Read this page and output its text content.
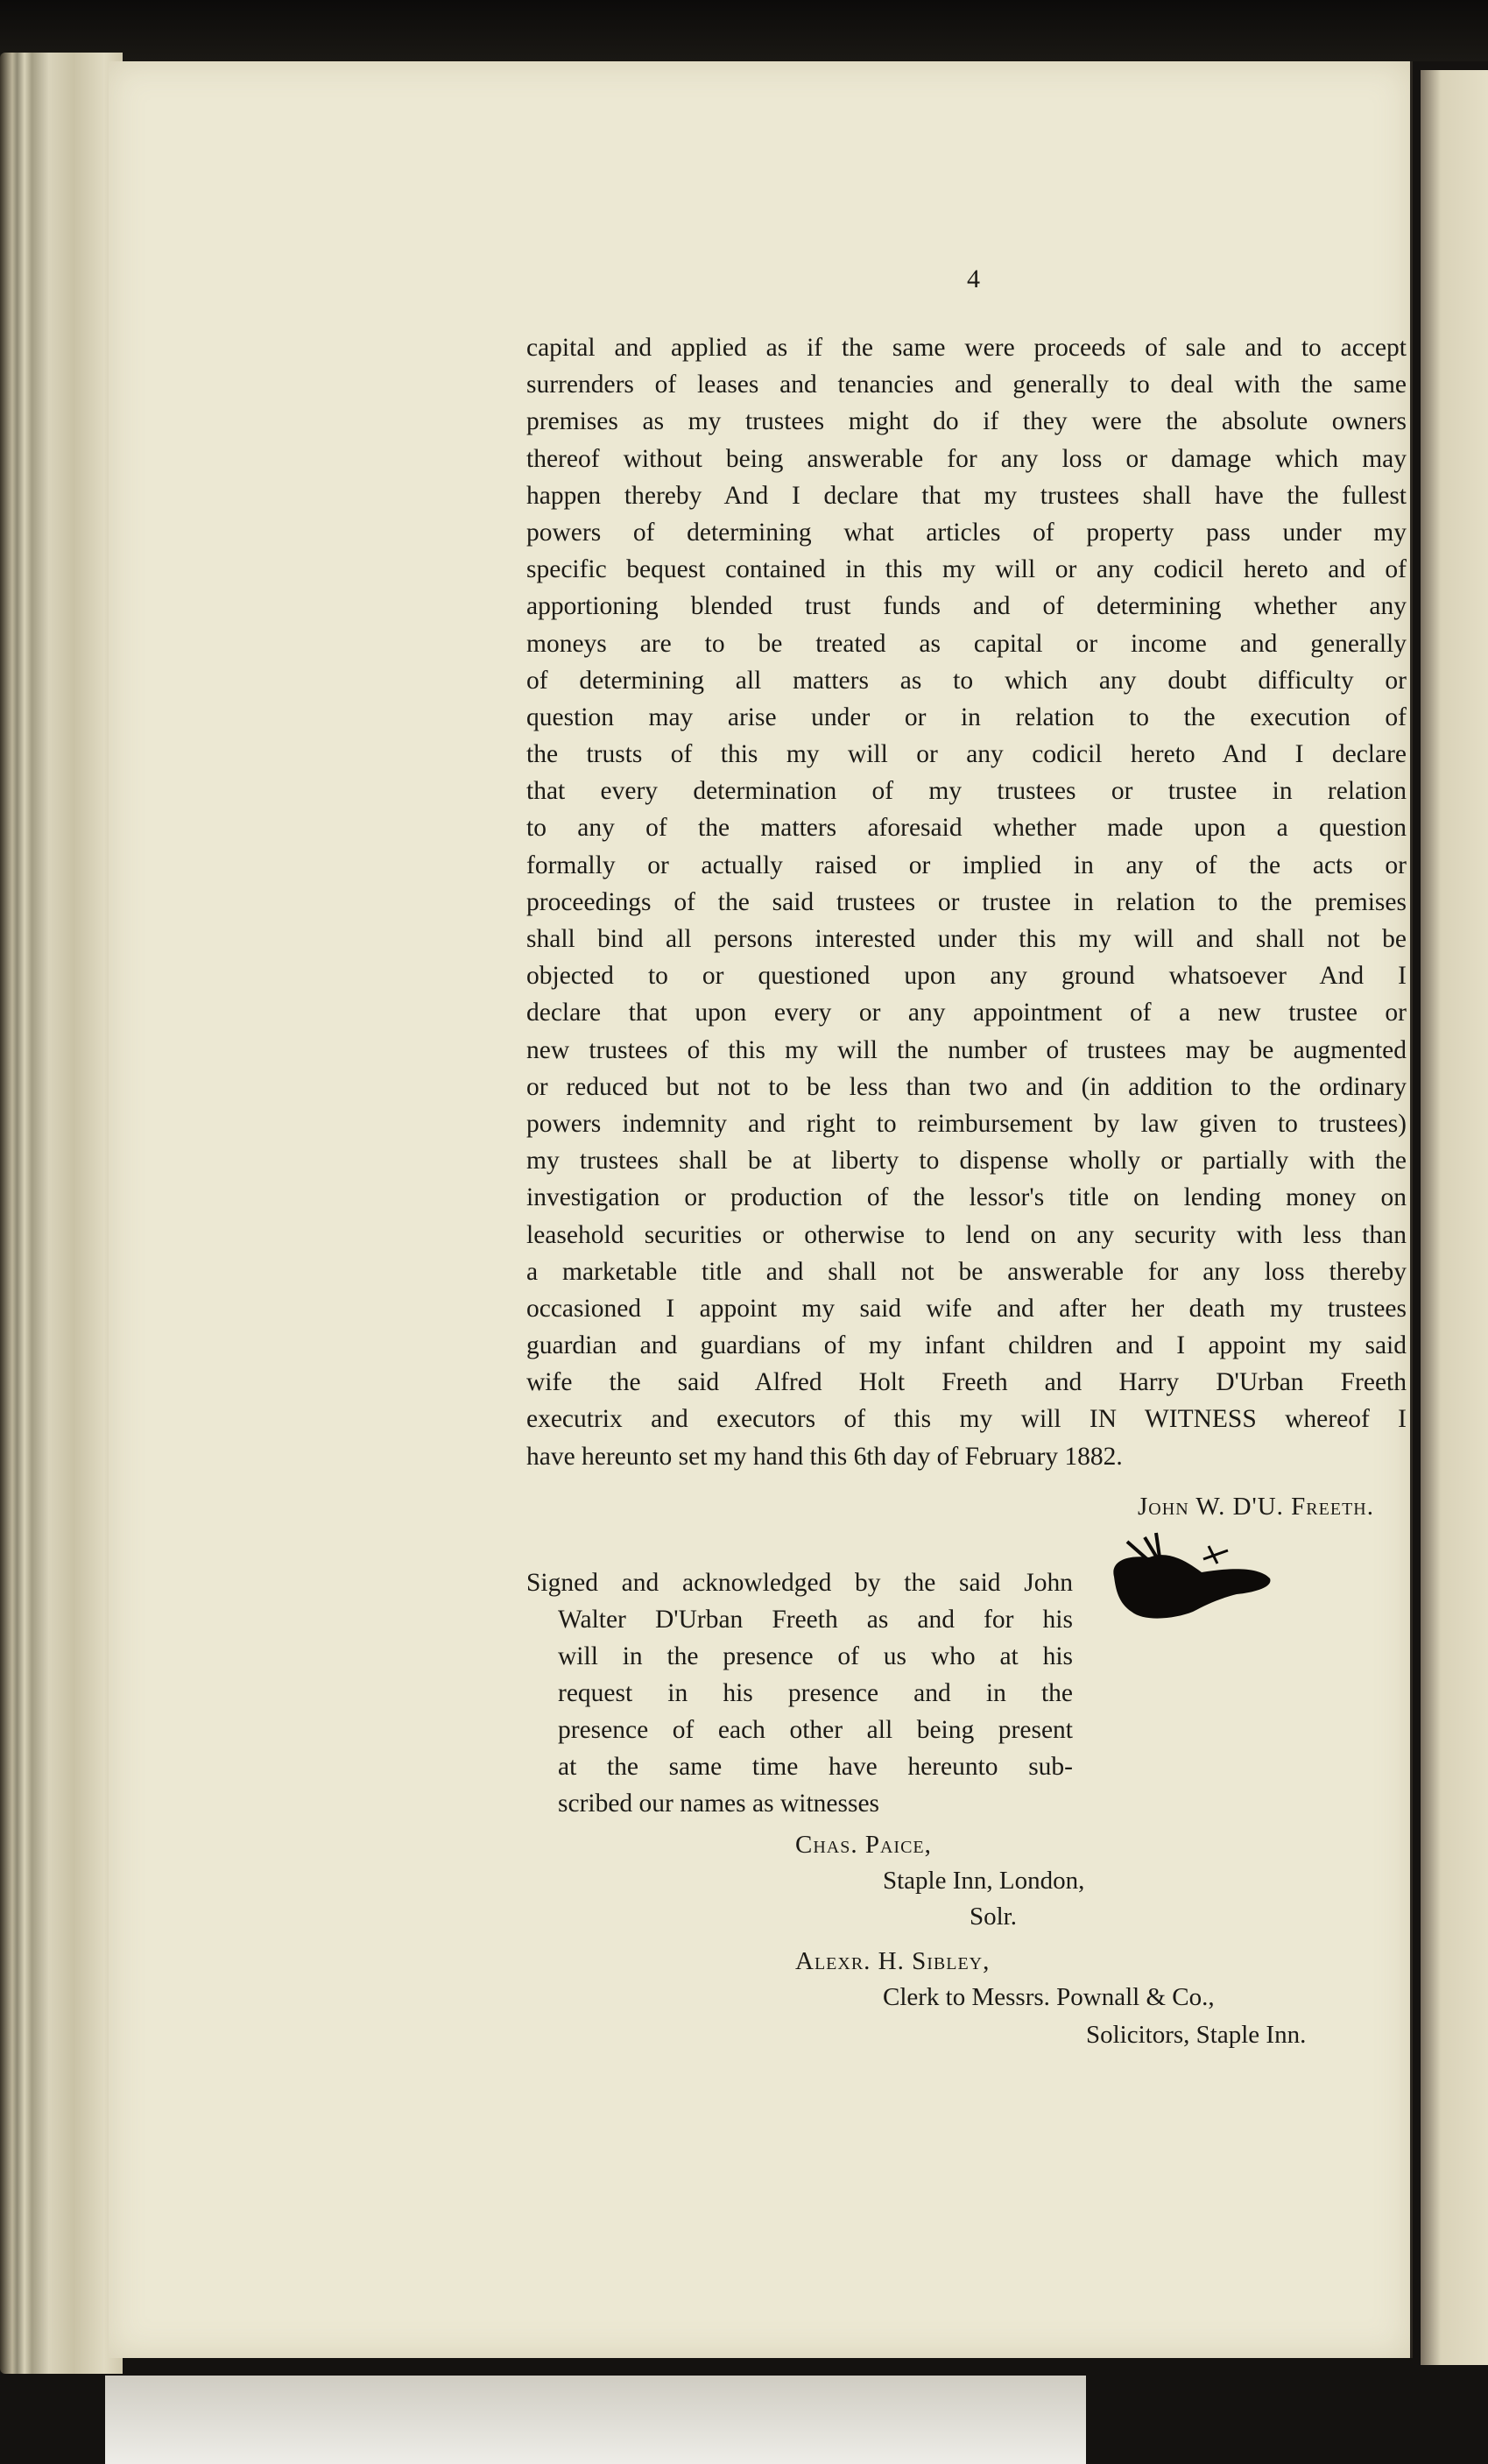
4
capital and applied as if the same were proceeds of sale and to accept
surrenders of leases and tenancies and generally to deal with the same
premises as my trustees might do if they were the absolute owners
thereof without being answerable for any loss or damage which may
happen thereby And I declare that my trustees shall have the fullest
powers of determining what articles of property pass under my
specific bequest contained in this my will or any codicil hereto and of
apportioning blended trust funds and of determining whether any
moneys are to be treated as capital or income and generally
of determining all matters as to which any doubt difficulty or
question may arise under or in relation to the execution of
the trusts of this my will or any codicil hereto And I declare
that every determination of my trustees or trustee in relation
to any of the matters aforesaid whether made upon a question
formally or actually raised or implied in any of the acts or
proceedings of the said trustees or trustee in relation to the premises
shall bind all persons interested under this my will and shall not be
objected to or questioned upon any ground whatsoever And I
declare that upon every or any appointment of a new trustee or
new trustees of this my will the number of trustees may be augmented
or reduced but not to be less than two and (in addition to the ordinary
powers indemnity and right to reimbursement by law given to trustees)
my trustees shall be at liberty to dispense wholly or partially with the
investigation or production of the lessor's title on lending money on
leasehold securities or otherwise to lend on any security with less than
a marketable title and shall not be answerable for any loss thereby
occasioned I appoint my said wife and after her death my trustees
guardian and guardians of my infant children and I appoint my said
wife the said Alfred Holt Freeth and Harry D'Urban Freeth
executrix and executors of this my will IN WITNESS whereof I
have hereunto set my hand this 6th day of February 1882.
John W. D'U. Freeth.
Signed and acknowledged by the said John
Walter D'Urban Freeth as and for his
will in the presence of us who at his
request in his presence and in the
presence of each other all being present
at the same time have hereunto sub-
scribed our names as witnesses
Chas. Paice,
Staple Inn, London,
Solr.
Alexr. H. Sibley,
Clerk to Messrs. Pownall & Co.,
Solicitors, Staple Inn.
